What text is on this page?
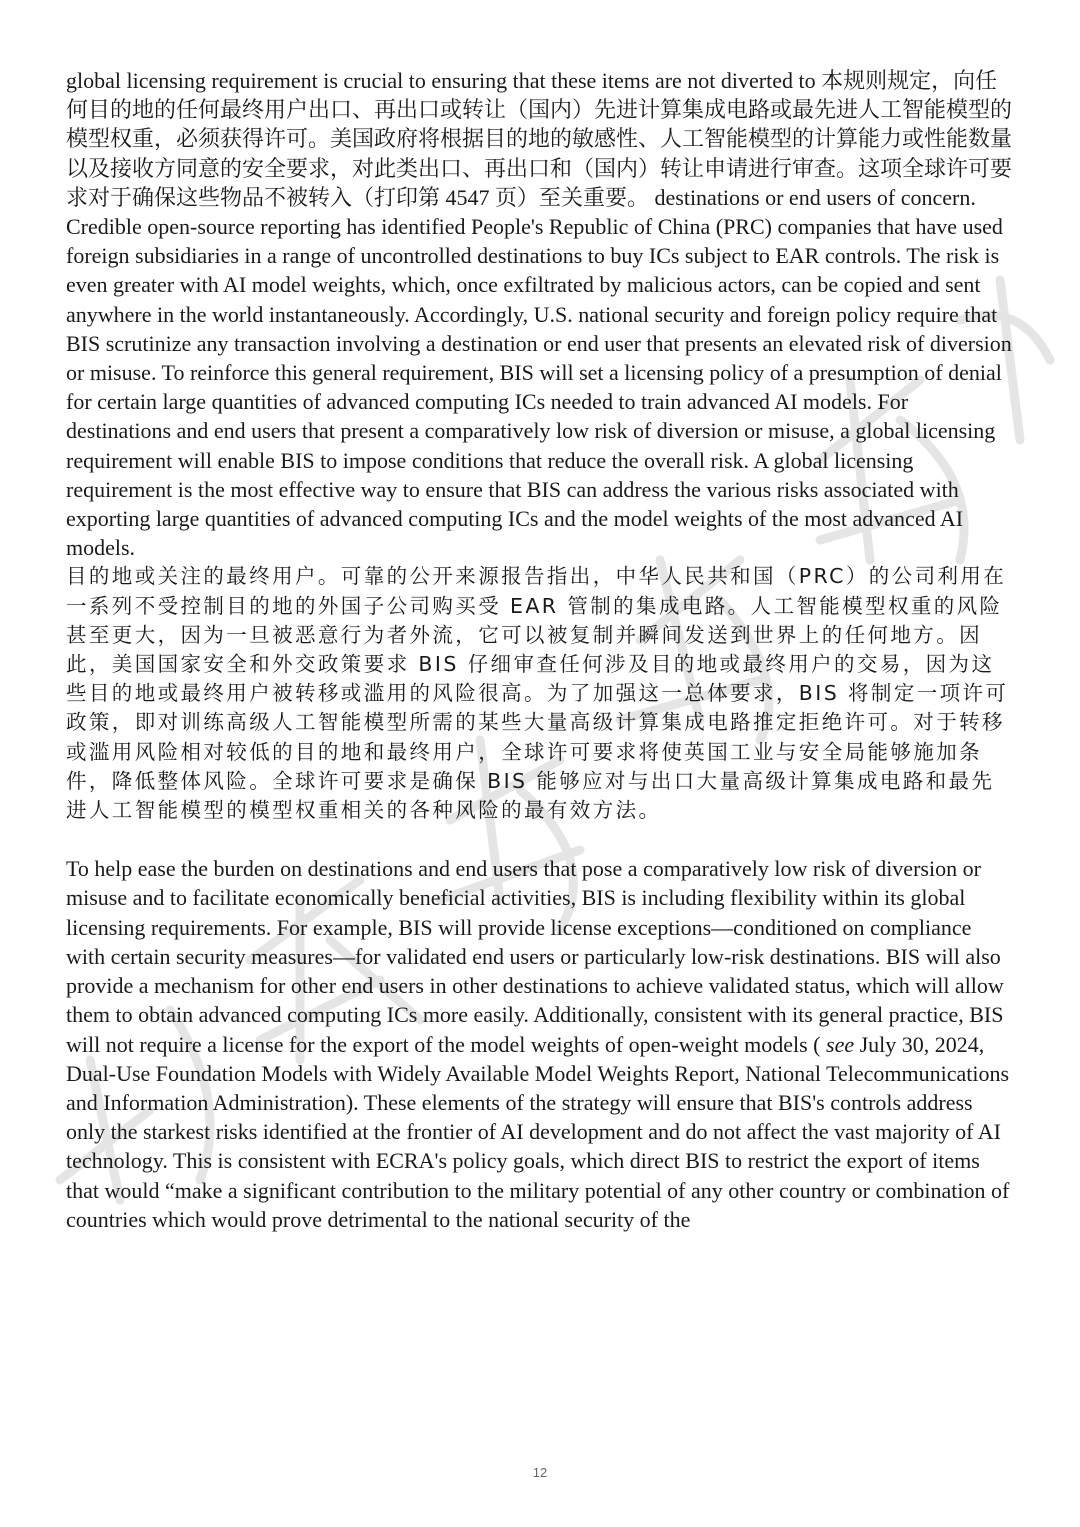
global licensing requirement is crucial to ensuring that these items are not diverted to 本规则规定，向任何目的地的任何最终用户出口、再出口或转让（国内）先进计算集成电路或最先进人工智能模型的模型权重，必须获得许可。美国政府将根据目的地的敏感性、人工智能模型的计算能力或性能数量以及接收方同意的安全要求，对此类出口、再出口和（国内）转让申请进行审查。这项全球许可要求对于确保这些物品不被转入（打印第 4547 页）至关重要。 destinations or end users of concern. Credible open-source reporting has identified People's Republic of China (PRC) companies that have used foreign subsidiaries in a range of uncontrolled destinations to buy ICs subject to EAR controls. The risk is even greater with AI model weights, which, once exfiltrated by malicious actors, can be copied and sent anywhere in the world instantaneously. Accordingly, U.S. national security and foreign policy require that BIS scrutinize any transaction involving a destination or end user that presents an elevated risk of diversion or misuse. To reinforce this general requirement, BIS will set a licensing policy of a presumption of denial for certain large quantities of advanced computing ICs needed to train advanced AI models. For destinations and end users that present a comparatively low risk of diversion or misuse, a global licensing requirement will enable BIS to impose conditions that reduce the overall risk. A global licensing requirement is the most effective way to ensure that BIS can address the various risks associated with exporting large quantities of advanced computing ICs and the model weights of the most advanced AI models.
目的地或关注的最终用户。可靠的公开来源报告指出，中华人民共和国（PRC）的公司利用在一系列不受控制目的地的外国子公司购买受 EAR 管制的集成电路。人工智能模型权重的风险甚至更大，因为一旦被恶意行为者外流，它可以被复制并瞬间发送到世界上的任何地方。因此，美国国家安全和外交政策要求 BIS 仔细审查任何涉及目的地或最终用户的交易，因为这些目的地或最终用户被转移或滥用的风险很高。为了加强这一总体要求，BIS 将制定一项许可政策，即对训练高级人工智能模型所需的某些大量高级计算集成电路推定拒绝许可。对于转移或滥用风险相对较低的目的地和最终用户，全球许可要求将使英国工业与安全局能够施加条件，降低整体风险。全球许可要求是确保 BIS 能够应对与出口大量高级计算集成电路和最先进人工智能模型的模型权重相关的各种风险的最有效方法。
To help ease the burden on destinations and end users that pose a comparatively low risk of diversion or misuse and to facilitate economically beneficial activities, BIS is including flexibility within its global licensing requirements. For example, BIS will provide license exceptions—conditioned on compliance with certain security measures—for validated end users or particularly low-risk destinations. BIS will also provide a mechanism for other end users in other destinations to achieve validated status, which will allow them to obtain advanced computing ICs more easily. Additionally, consistent with its general practice, BIS will not require a license for the export of the model weights of open-weight models ( see July 30, 2024, Dual-Use Foundation Models with Widely Available Model Weights Report, National Telecommunications and Information Administration). These elements of the strategy will ensure that BIS's controls address only the starkest risks identified at the frontier of AI development and do not affect the vast majority of AI technology. This is consistent with ECRA's policy goals, which direct BIS to restrict the export of items that would “make a significant contribution to the military potential of any other country or combination of countries which would prove detrimental to the national security of the
12
